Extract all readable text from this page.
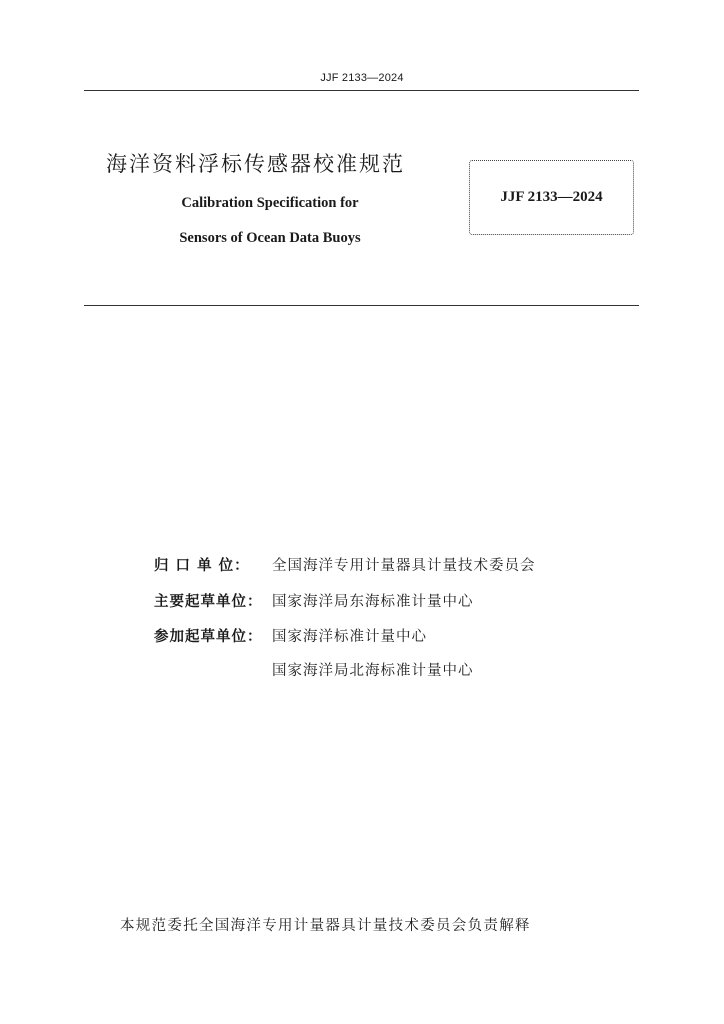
JJF 2133—2024
海洋资料浮标传感器校准规范
Calibration Specification for
Sensors of Ocean Data Buoys
JJF 2133—2024
归 口 单 位：	全国海洋专用计量器具计量技术委员会
主要起草单位： 国家海洋局东海标准计量中心
参加起草单位： 国家海洋标准计量中心
国家海洋局北海标准计量中心
本规范委托全国海洋专用计量器具计量技术委员会负责解释
